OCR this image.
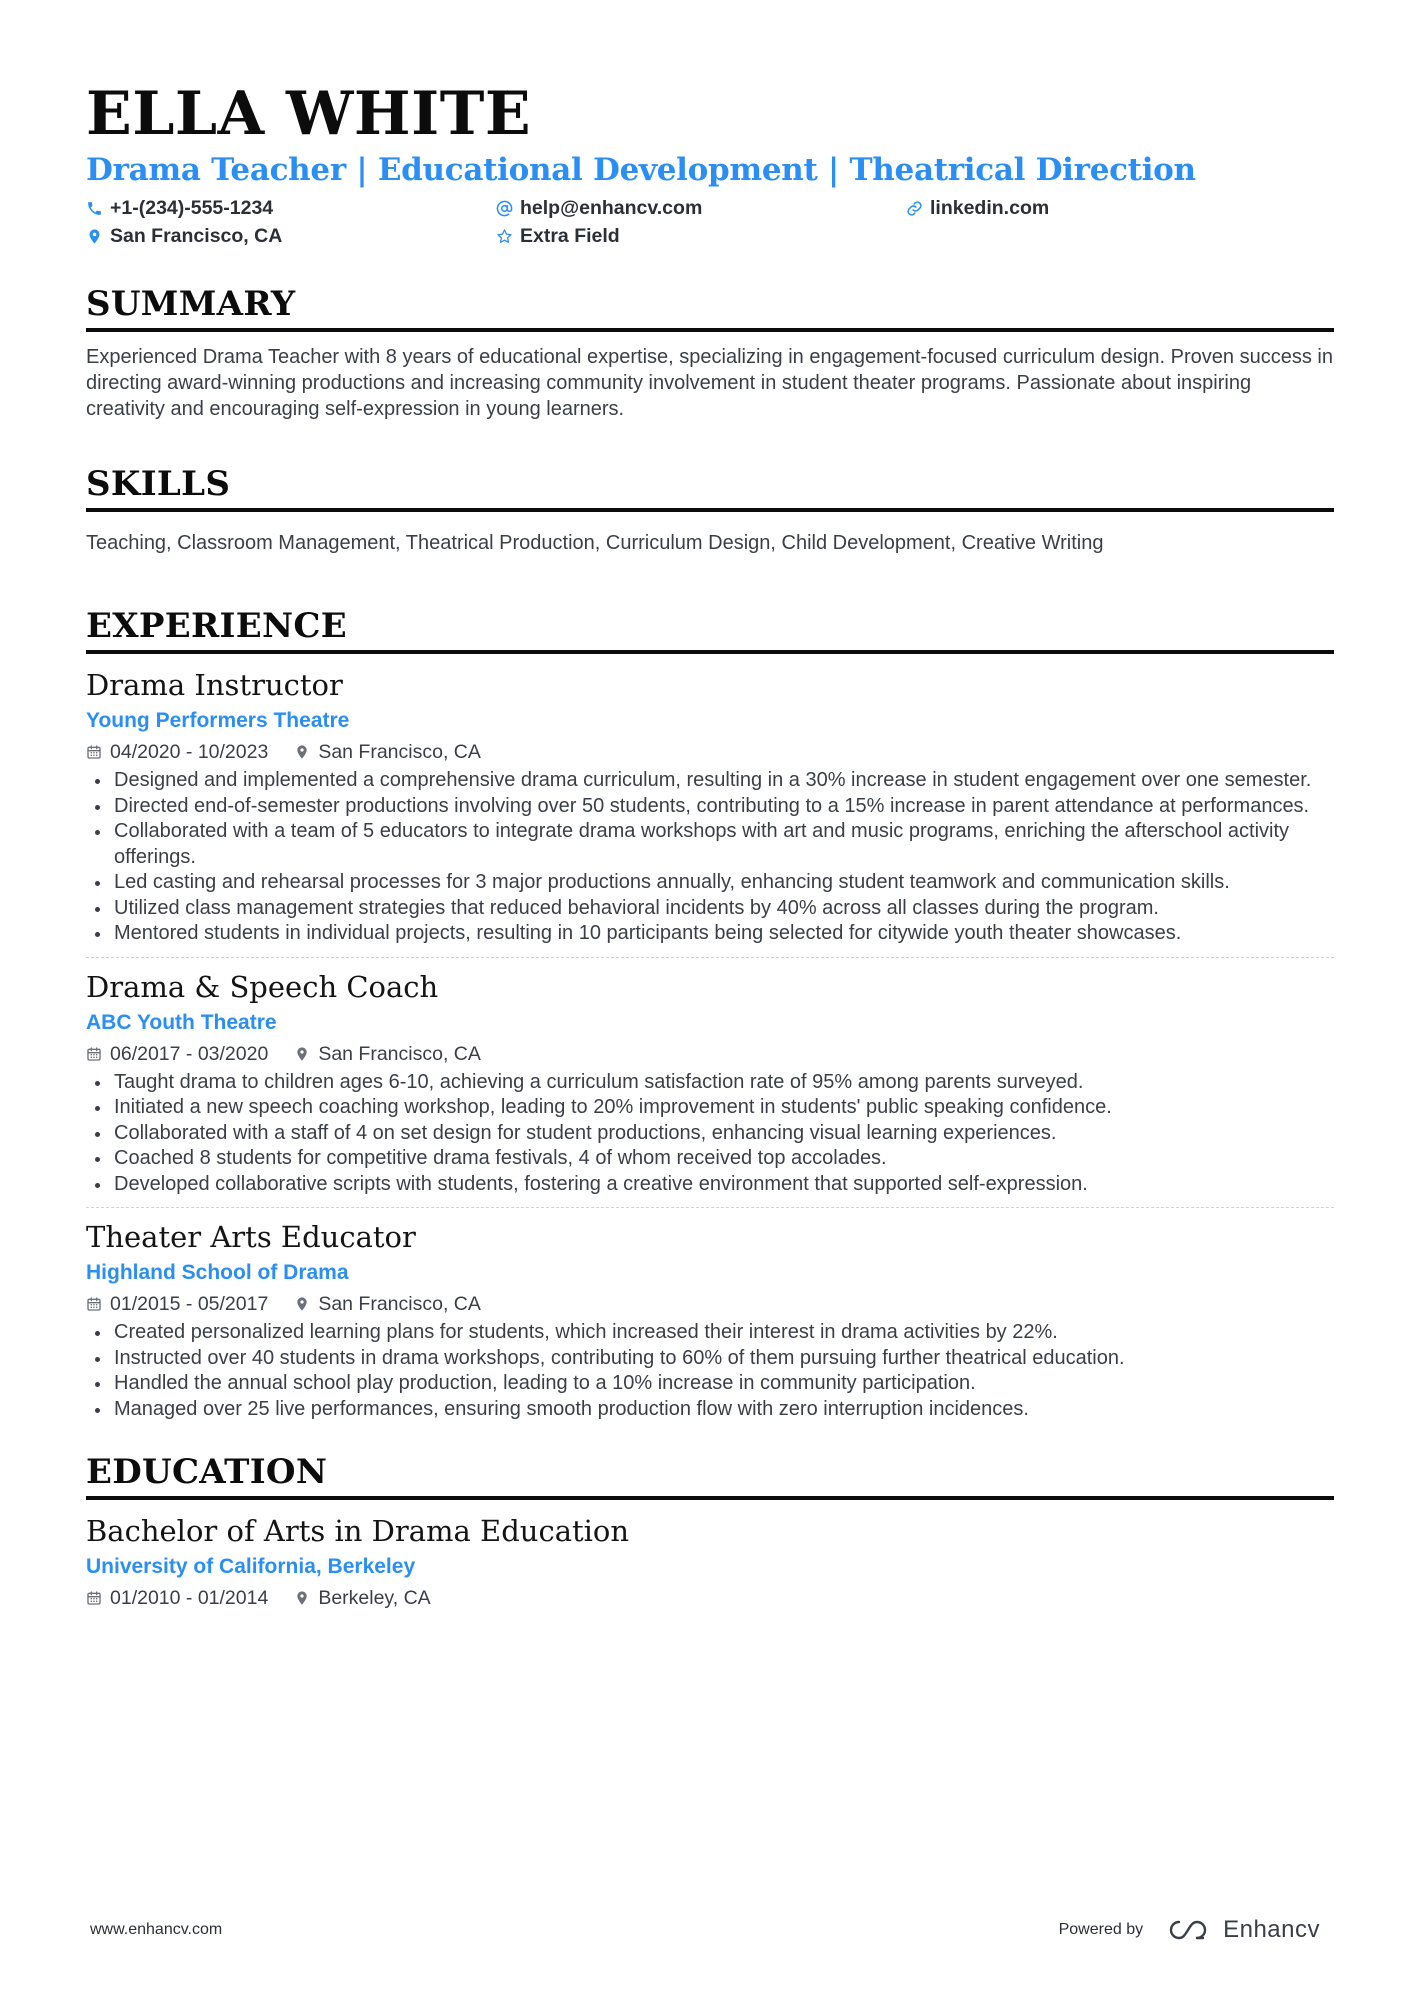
ELLA WHITE
Drama Teacher | Educational Development | Theatrical Direction
+1-(234)-555-1234	help@enhancv.com	linkedin.com
San Francisco, CA	Extra Field
SUMMARY
Experienced Drama Teacher with 8 years of educational expertise, specializing in engagement-focused curriculum design. Proven success in directing award-winning productions and increasing community involvement in student theater programs. Passionate about inspiring creativity and encouraging self-expression in young learners.
SKILLS
Teaching, Classroom Management, Theatrical Production, Curriculum Design, Child Development, Creative Writing
EXPERIENCE
Drama Instructor
Young Performers Theatre
04/2020 - 10/2023	San Francisco, CA
Designed and implemented a comprehensive drama curriculum, resulting in a 30% increase in student engagement over one semester.
Directed end-of-semester productions involving over 50 students, contributing to a 15% increase in parent attendance at performances.
Collaborated with a team of 5 educators to integrate drama workshops with art and music programs, enriching the afterschool activity offerings.
Led casting and rehearsal processes for 3 major productions annually, enhancing student teamwork and communication skills.
Utilized class management strategies that reduced behavioral incidents by 40% across all classes during the program.
Mentored students in individual projects, resulting in 10 participants being selected for citywide youth theater showcases.
Drama & Speech Coach
ABC Youth Theatre
06/2017 - 03/2020	San Francisco, CA
Taught drama to children ages 6-10, achieving a curriculum satisfaction rate of 95% among parents surveyed.
Initiated a new speech coaching workshop, leading to 20% improvement in students' public speaking confidence.
Collaborated with a staff of 4 on set design for student productions, enhancing visual learning experiences.
Coached 8 students for competitive drama festivals, 4 of whom received top accolades.
Developed collaborative scripts with students, fostering a creative environment that supported self-expression.
Theater Arts Educator
Highland School of Drama
01/2015 - 05/2017	San Francisco, CA
Created personalized learning plans for students, which increased their interest in drama activities by 22%.
Instructed over 40 students in drama workshops, contributing to 60% of them pursuing further theatrical education.
Handled the annual school play production, leading to a 10% increase in community participation.
Managed over 25 live performances, ensuring smooth production flow with zero interruption incidences.
EDUCATION
Bachelor of Arts in Drama Education
University of California, Berkeley
01/2010 - 01/2014	Berkeley, CA
www.enhancv.com	Powered by	Enhancv
